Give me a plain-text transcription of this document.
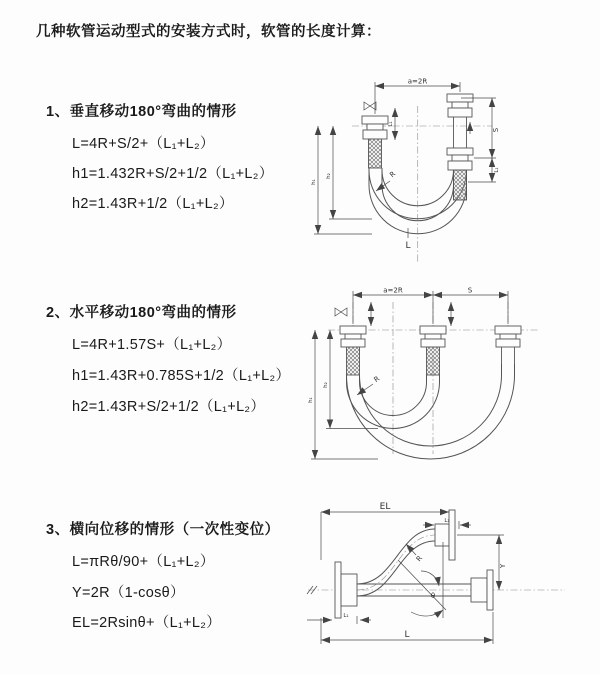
几种软管运动型式的安装方式时，软管的长度计算：
1、垂直移动180°弯曲的情形
L=4R+S/2+（L₁+L₂）
h1=1.432R+S/2+1/2（L₁+L₂）
h2=1.43R+1/2（L₁+L₂）
a=2R
h₁
h₂
L₁
S
L₁
R
L
2、水平移动180°弯曲的情形
L=4R+1.57S+（L₁+L₂）
h1=1.43R+0.785S+1/2（L₁+L₂）
h2=1.43R+S/2+1/2（L₁+L₂）
a=2R	S
h₁
h₂
R
3、横向位移的情形（一次性变位）
L=πRθ/90+（L₁+L₂）
Y=2R（1-cosθ）
EL=2Rsinθ+（L₁+L₂）
EL
L₁
Y
R
θ
L
L₁
